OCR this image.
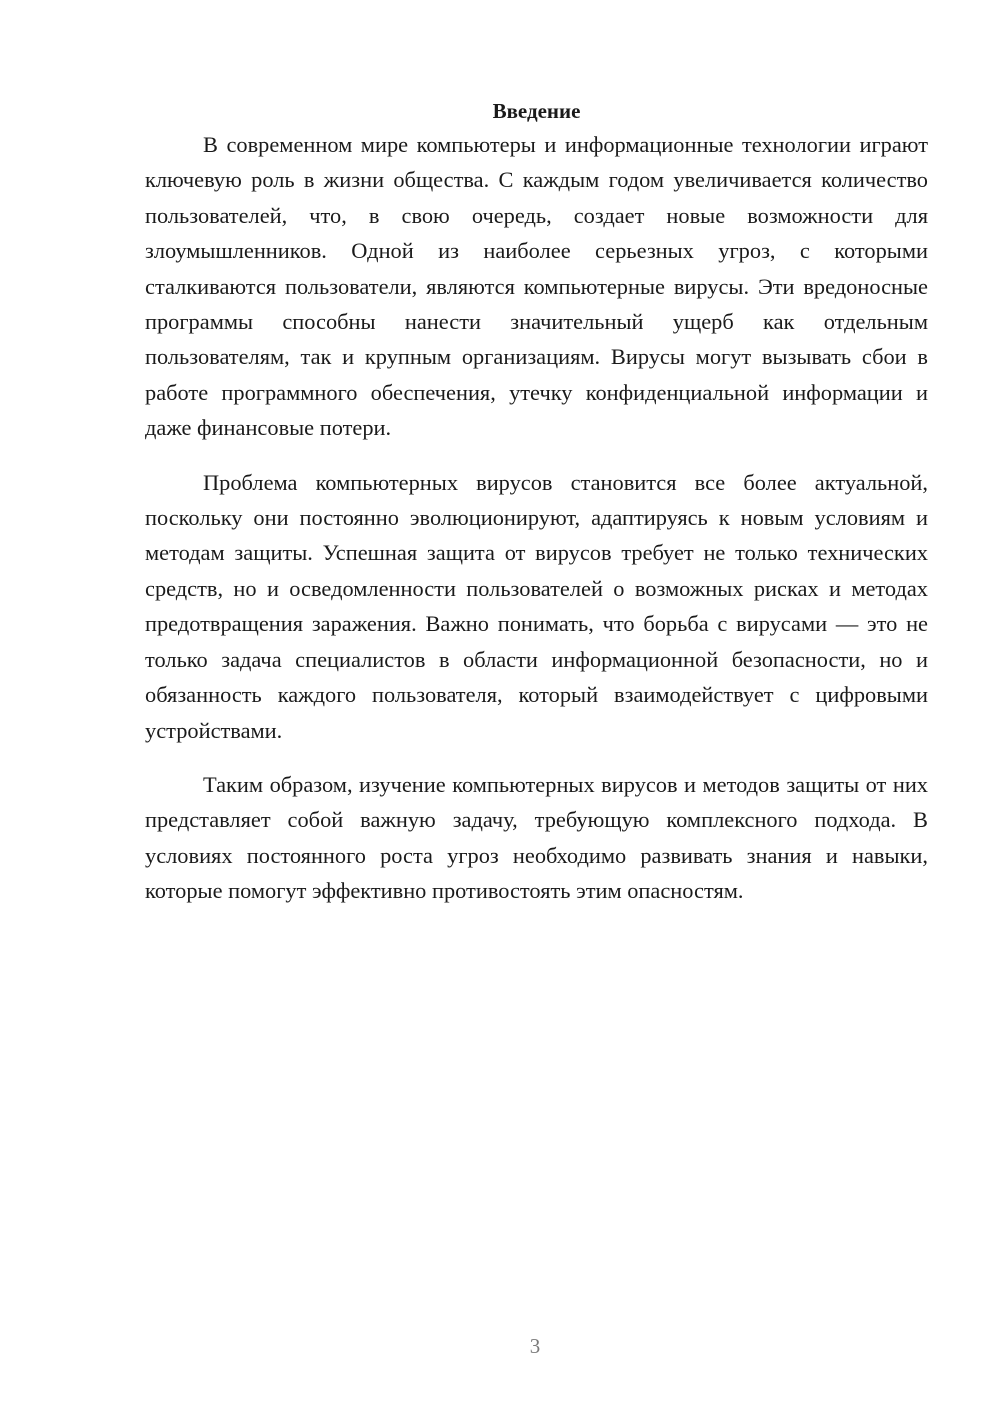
Введение

В современном мире компьютеры и информационные технологии играют ключевую роль в жизни общества. С каждым годом увеличивается количество пользователей, что, в свою очередь, создает новые возможности для злоумышленников. Одной из наиболее серьезных угроз, с которыми сталкиваются пользователи, являются компьютерные вирусы. Эти вредоносные программы способны нанести значительный ущерб как отдельным пользователям, так и крупным организациям. Вирусы могут вызывать сбои в работе программного обеспечения, утечку конфиденциальной информации и даже финансовые потери.

Проблема компьютерных вирусов становится все более актуальной, поскольку они постоянно эволюционируют, адаптируясь к новым условиям и методам защиты. Успешная защита от вирусов требует не только технических средств, но и осведомленности пользователей о возможных рисках и методах предотвращения заражения. Важно понимать, что борьба с вирусами — это не только задача специалистов в области информационной безопасности, но и обязанность каждого пользователя, который взаимодействует с цифровыми устройствами.

Таким образом, изучение компьютерных вирусов и методов защиты от них представляет собой важную задачу, требующую комплексного подхода. В условиях постоянного роста угроз необходимо развивать знания и навыки, которые помогут эффективно противостоять этим опасностям.

3
